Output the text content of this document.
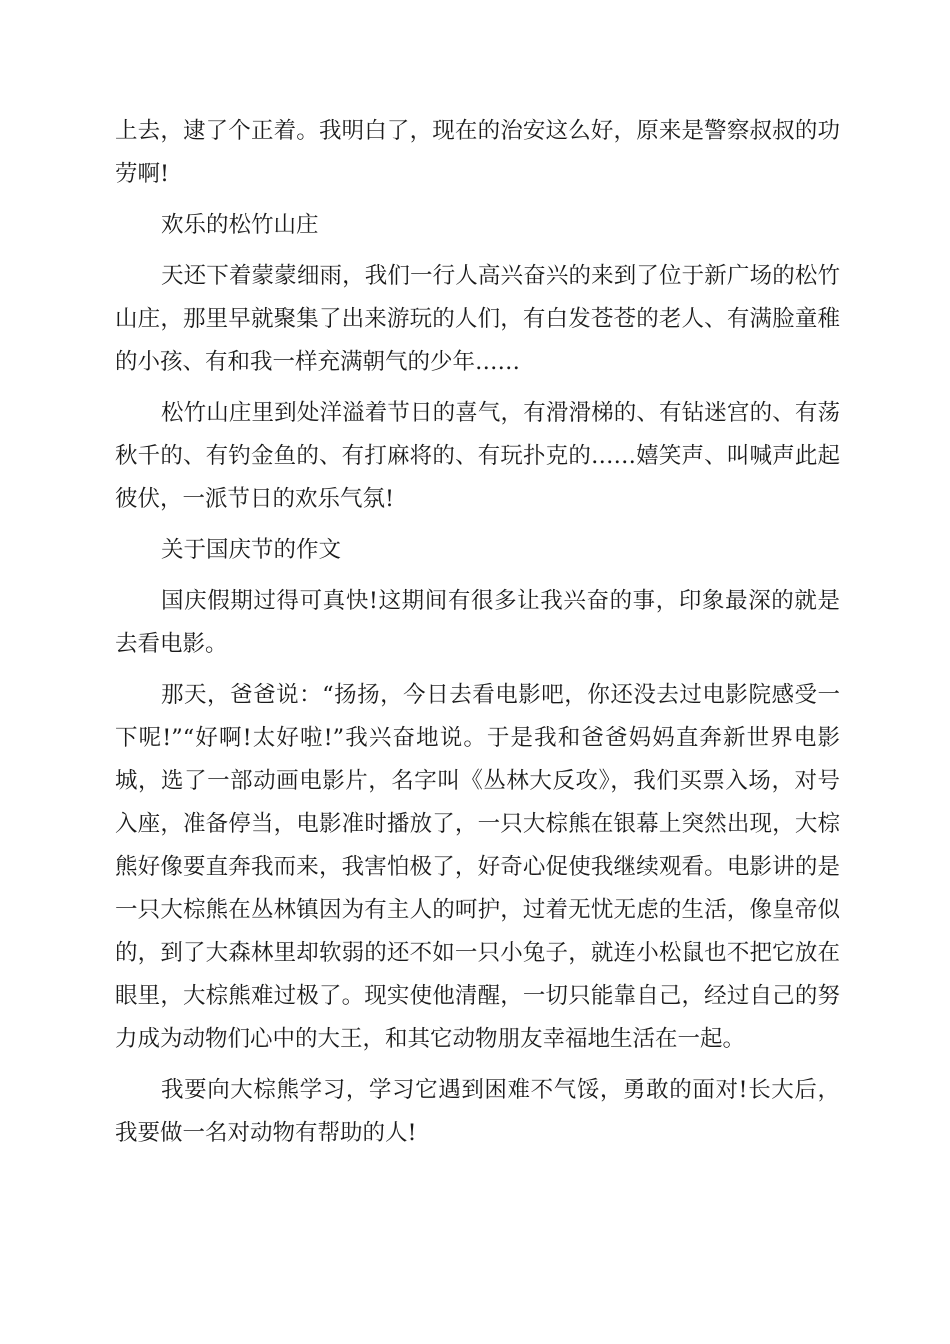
上去，逮了个正着。我明白了，现在的治安这么好，原来是警察叔叔的功劳啊!

欢乐的松竹山庄

天还下着蒙蒙细雨，我们一行人高兴奋兴的来到了位于新广场的松竹山庄，那里早就聚集了出来游玩的人们，有白发苍苍的老人、有满脸童稚的小孩、有和我一样充满朝气的少年……

松竹山庄里到处洋溢着节日的喜气，有滑滑梯的、有钻迷宫的、有荡秋千的、有钓金鱼的、有打麻将的、有玩扑克的……嬉笑声、叫喊声此起彼伏，一派节日的欢乐气氛!

关于国庆节的作文

国庆假期过得可真快!这期间有很多让我兴奋的事，印象最深的就是去看电影。

那天，爸爸说：“扬扬，今日去看电影吧，你还没去过电影院感受一下呢!”“好啊!太好啦!”我兴奋地说。于是我和爸爸妈妈直奔新世界电影城，选了一部动画电影片，名字叫《丛林大反攻》，我们买票入场，对号入座，准备停当，电影准时播放了，一只大棕熊在银幕上突然出现，大棕熊好像要直奔我而来，我害怕极了，好奇心促使我继续观看。电影讲的是一只大棕熊在丛林镇因为有主人的呵护，过着无忧无虑的生活，像皇帝似的，到了大森林里却软弱的还不如一只小兔子，就连小松鼠也不把它放在眼里，大棕熊难过极了。现实使他清醒，一切只能靠自己，经过自己的努力成为动物们心中的大王，和其它动物朋友幸福地生活在一起。

我要向大棕熊学习，学习它遇到困难不气馁，勇敢的面对!长大后，我要做一名对动物有帮助的人!
